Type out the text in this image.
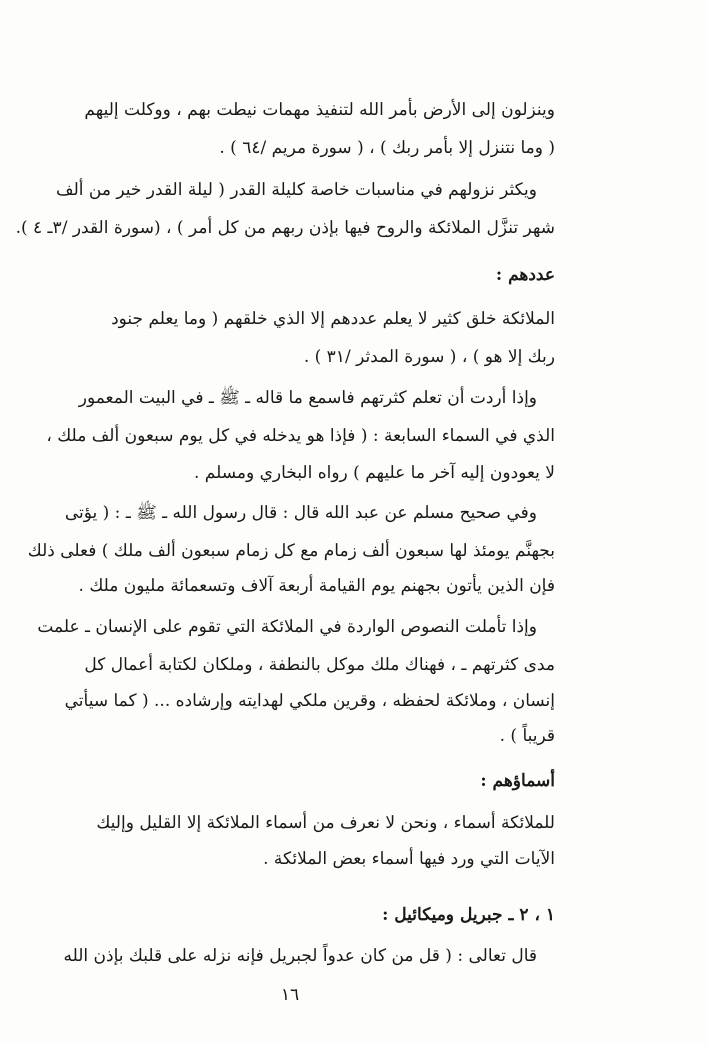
وينزلون إلى الأرض بأمر الله لتنفيذ مهمات نيطت بهم ، ووكلت إليهم
( وما نتنزل إلا بأمر ربك ) ، ( سورة مريم /٦٤ ) .
ويكثر نزولهم في مناسبات خاصة كليلة القدر ( ليلة القدر خير من ألف
شهر تنزَّل الملائكة والروح فيها بإذن ربهم من كل أمر ) ، (سورة القدر /٣ـ ٤ ).
عددهم :
الملائكة خلق كثير لا يعلم عددهم إلا الذي خلقهم ( وما يعلم جنود
ربك إلا هو ) ، ( سورة المدثر /٣١ ) .
وإذا أردت أن تعلم كثرتهم فاسمع ما قاله ـ ﷺ ـ في البيت المعمور
الذي في السماء السابعة : ( فإذا هو يدخله في كل يوم سبعون ألف ملك ،
لا يعودون إليه آخر ما عليهم ) رواه البخاري ومسلم .
وفي صحيح مسلم عن عبد الله قال : قال رسول الله ـ ﷺ ـ : ( يؤتى
بجهنَّم يومئذ لها سبعون ألف زمام مع كل زمام سبعون ألف ملك ) فعلى ذلك
فإن الذين يأتون بجهنم يوم القيامة أربعة آلاف وتسعمائة مليون ملك .
وإذا تأملت النصوص الواردة في الملائكة التي تقوم على الإنسان ـ علمت
مدى كثرتهم ـ ، فهناك ملك موكل بالنطفة ، وملكان لكتابة أعمال كل
إنسان ، وملائكة لحفظه ، وقرين ملكي لهدايته وإرشاده ... ( كما سيأتي
قريباً ) .
أسماؤهم :
للملائكة أسماء ، ونحن لا نعرف من أسماء الملائكة إلا القليل وإليك
الآيات التي ورد فيها أسماء بعض الملائكة .
١ ، ٢ ـ جبريل وميكائيل :
قال تعالى : ( قل من كان عدواً لجبريل فإنه نزله على قلبك بإذن الله
١٦
